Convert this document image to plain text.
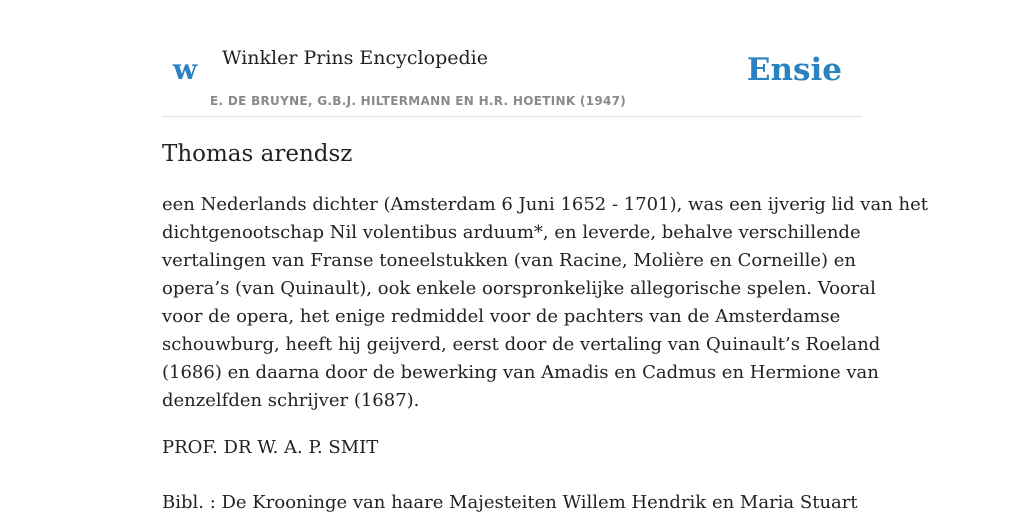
w Winkler Prins Encyclopedie
E. DE BRUYNE, G.B.J. HILTERMANN EN H.R. HOETINK (1947)
Ensie
Thomas arendsz

een Nederlands dichter (Amsterdam 6 Juni 1652 - 1701), was een ijverig lid van het
dichtgenootschap Nil volentibus arduum*, en leverde, behalve verschillende
vertalingen van Franse toneelstukken (van Racine, Molière en Corneille) en
opera’s (van Quinault), ook enkele oorspronkelijke allegorische spelen. Vooral
voor de opera, het enige redmiddel voor de pachters van de Amsterdamse
schouwburg, heeft hij geijverd, eerst door de vertaling van Quinault’s Roeland
(1686) en daarna door de bewerking van Amadis en Cadmus en Hermione van
denzelfden schrijver (1687).

PROF. DR W. A. P. SMIT

Bibl. : De Krooninge van haare Majesteiten Willem Hendrik en Maria Stuart
